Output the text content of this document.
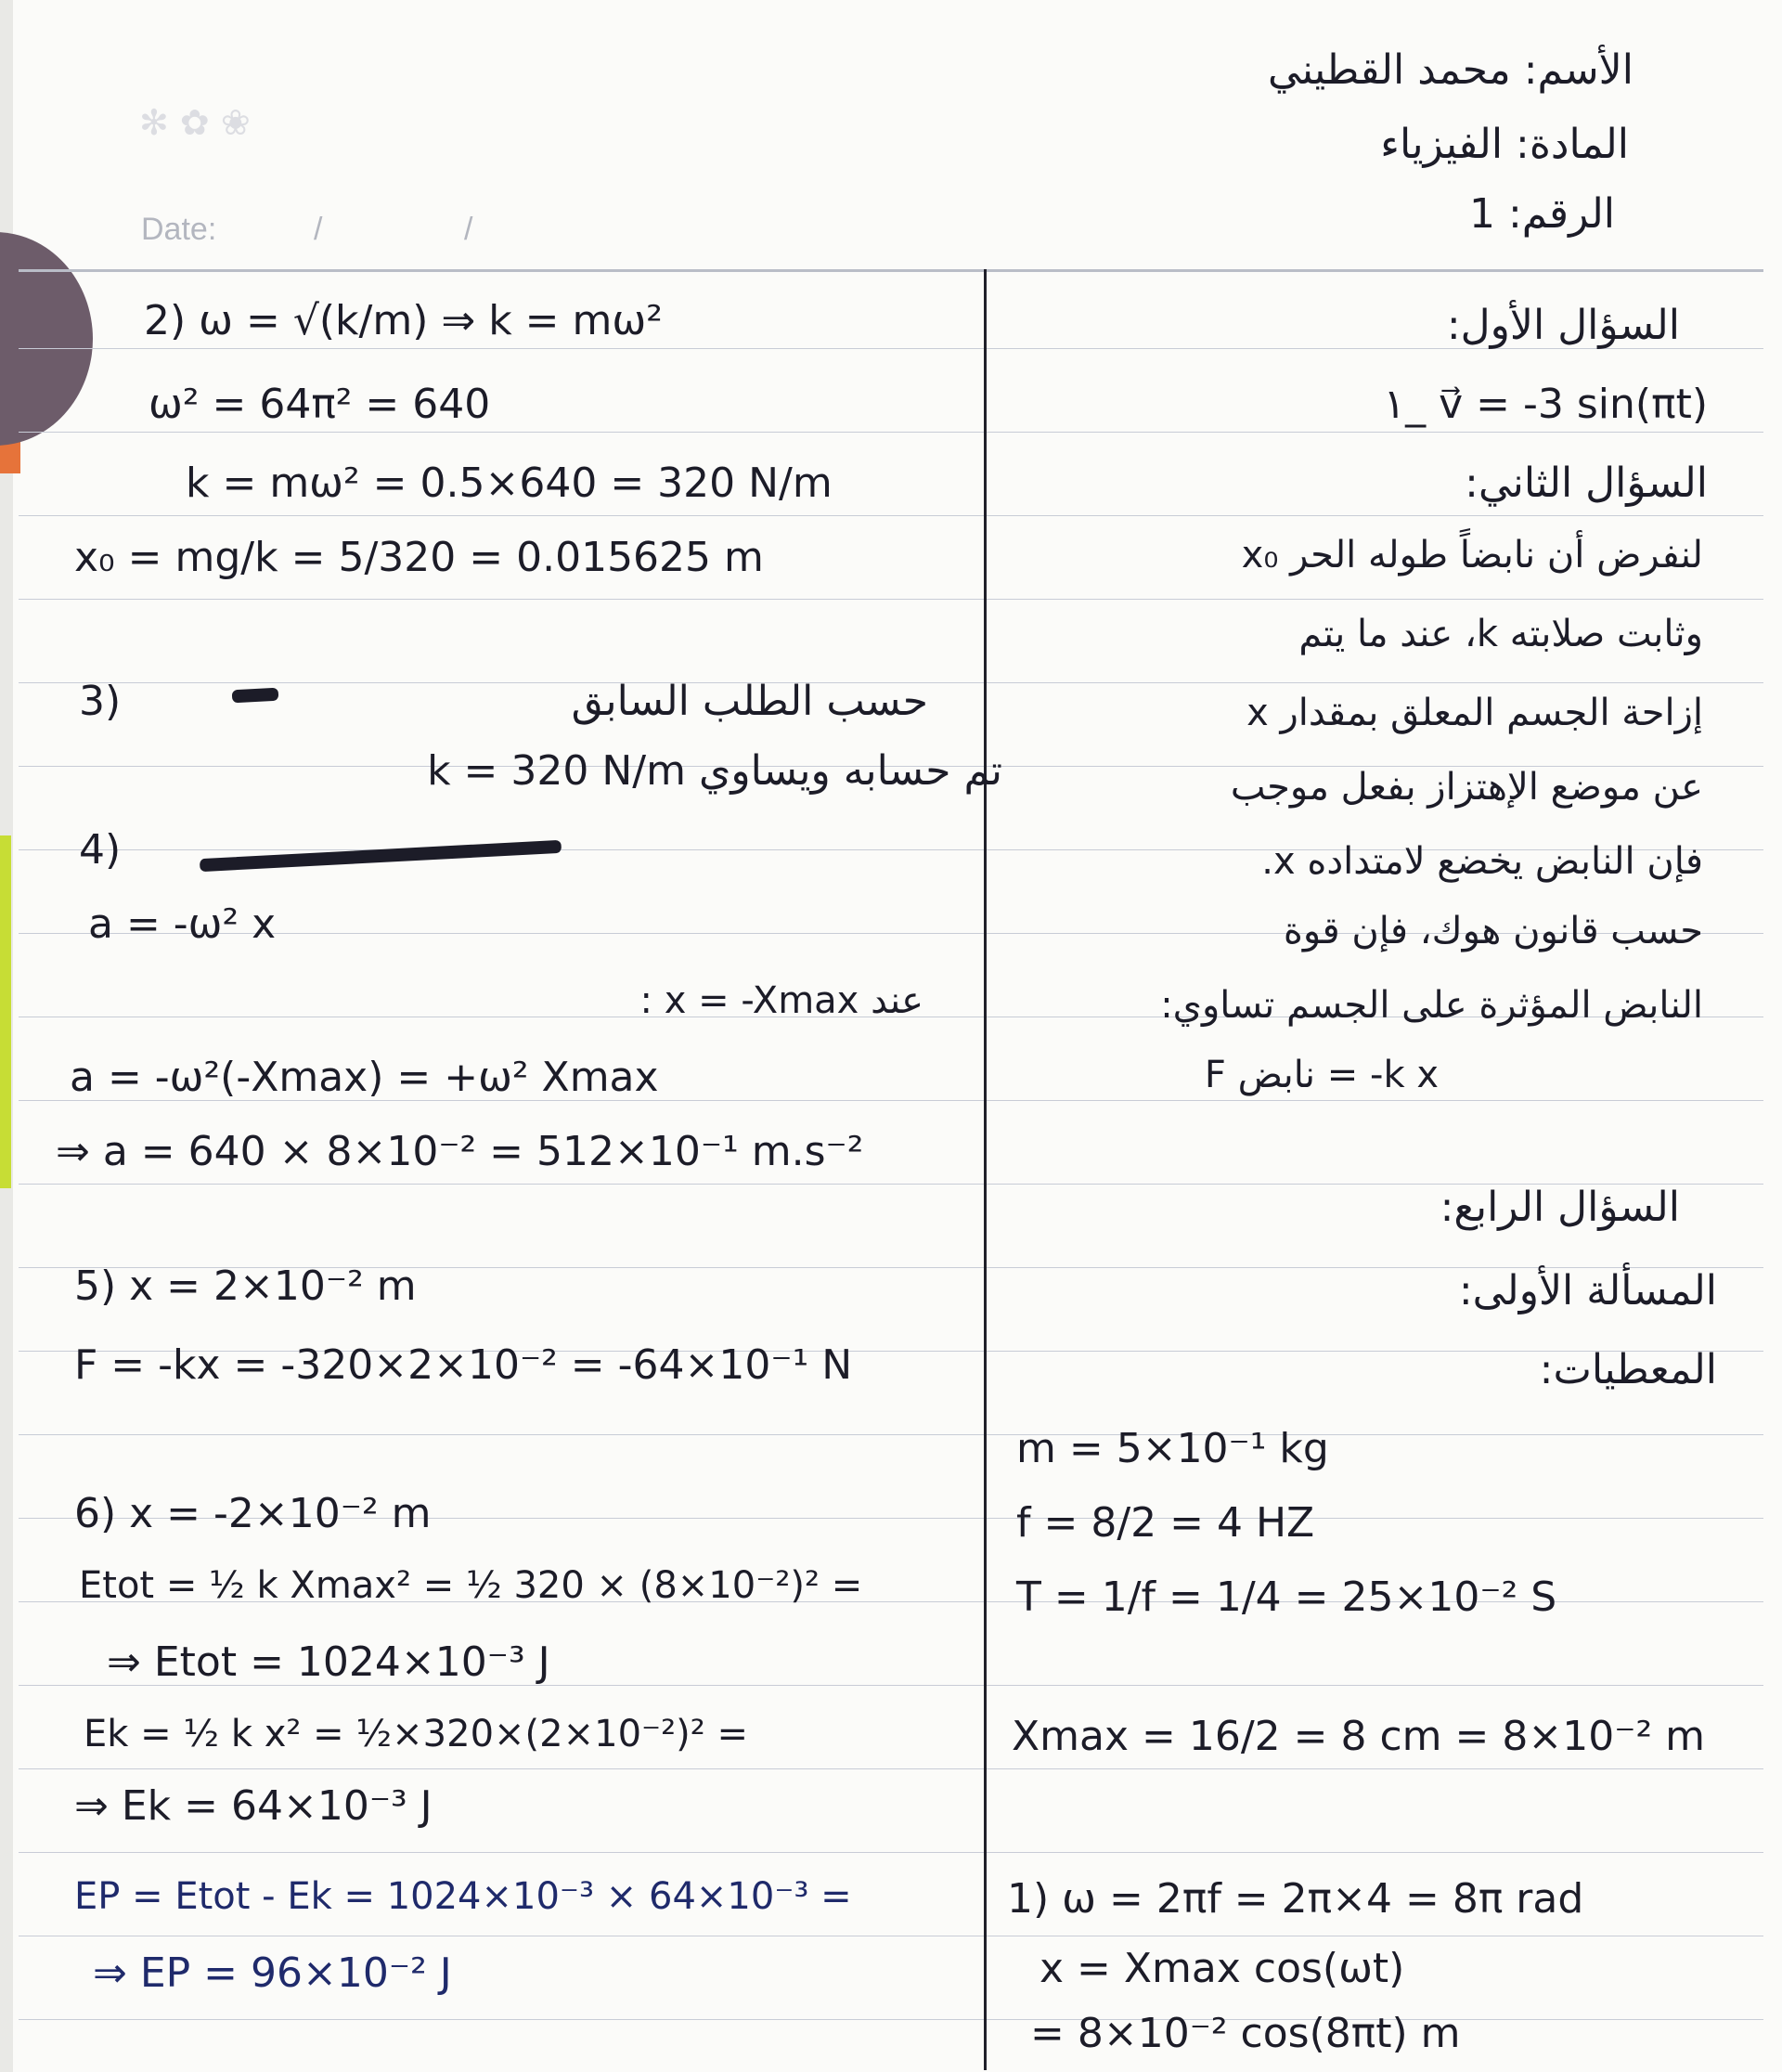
✻ ✿ ❀
Date:	/	/
الأسم: محمد القطيني
المادة: الفيزياء
الرقم: 1
السؤال الأول:
١_ v⃗ = -3 sin(πt)
السؤال الثاني:
لنفرض أن نابضاً طوله الحر x₀
وثابت صلابته k، عند ما يتم
إزاحة الجسم المعلق بمقدار x
عن موضع الإهتزاز بفعل موجب
فإن النابض يخضع لامتداده x.
حسب قانون هوك، فإن قوة
النابض المؤثرة على الجسم تساوي:
F نابض = -k x
السؤال الرابع:
المسألة الأولى:
المعطيات:
m = 5×10⁻¹ kg
f = 8/2 = 4 HZ
T = 1/f = 1/4 = 25×10⁻² S
Xmax = 16/2 = 8 cm = 8×10⁻² m
1) ω = 2πf = 2π×4 = 8π rad
x = Xmax cos(ωt)
= 8×10⁻² cos(8πt) m
2) ω = √(k/m) ⇒ k = mω²
ω² = 64π² = 640
k = mω² = 0.5×640 = 320 N/m
x₀ = mg/k = 5/320 = 0.015625 m
3)	حسب الطلب السابق
تم حسابه ويساوي k = 320 N/m
4)
a = -ω² x
: x = -Xmax عند
a = -ω²(-Xmax) = +ω² Xmax
⇒ a = 640 × 8×10⁻² = 512×10⁻¹ m.s⁻²
5) x = 2×10⁻² m
F = -kx = -320×2×10⁻² = -64×10⁻¹ N
6) x = -2×10⁻² m
Etot = ½ k Xmax² = ½ 320 × (8×10⁻²)² =
⇒ Etot = 1024×10⁻³ J
Ek = ½ k x² = ½×320×(2×10⁻²)² =
⇒ Ek = 64×10⁻³ J
EP = Etot - Ek = 1024×10⁻³ × 64×10⁻³ =
⇒ EP = 96×10⁻² J
